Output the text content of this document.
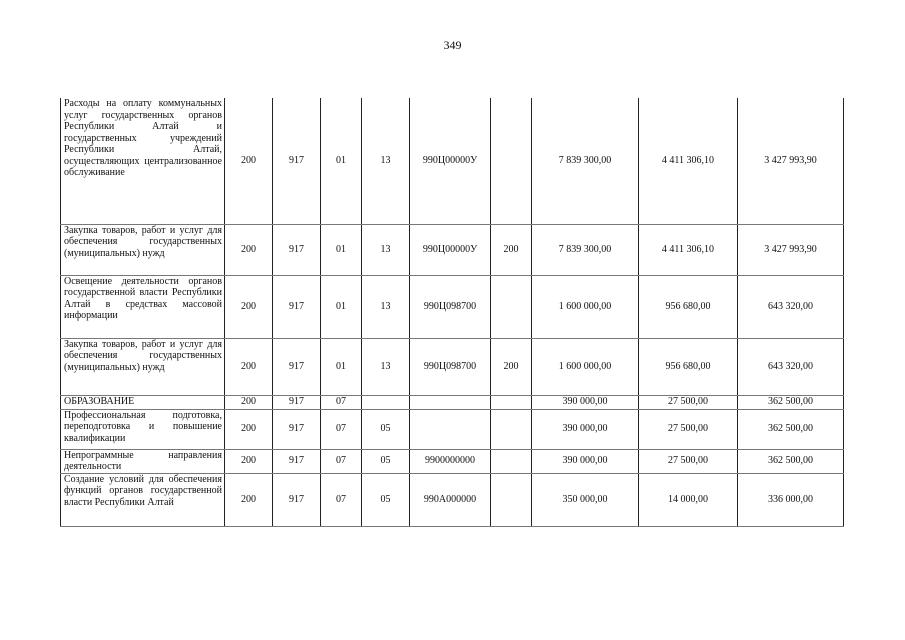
349
Расходы на оплату коммунальных услуг государственных органов Республики Алтай и государственных учреждений Республики Алтай, осуществляющих централизованное обслуживание	200	917	01	13	990Ц00000У		7 839 300,00	4 411 306,10	3 427 993,90
Закупка товаров, работ и услуг для обеспечения государственных (муниципальных) нужд	200	917	01	13	990Ц00000У	200	7 839 300,00	4 411 306,10	3 427 993,90
Освещение деятельности органов государственной власти Республики Алтай в средствах массовой информации	200	917	01	13	990Ц098700		1 600 000,00	956 680,00	643 320,00
Закупка товаров, работ и услуг для обеспечения государственных (муниципальных) нужд	200	917	01	13	990Ц098700	200	1 600 000,00	956 680,00	643 320,00
ОБРАЗОВАНИЕ	200	917	07				390 000,00	27 500,00	362 500,00
Профессиональная подготовка, переподготовка и повышение квалификации	200	917	07	05			390 000,00	27 500,00	362 500,00
Непрограммные направления деятельности	200	917	07	05	9900000000		390 000,00	27 500,00	362 500,00
Создание условий для обеспечения функций органов государственной власти Республики Алтай	200	917	07	05	990А000000		350 000,00	14 000,00	336 000,00
